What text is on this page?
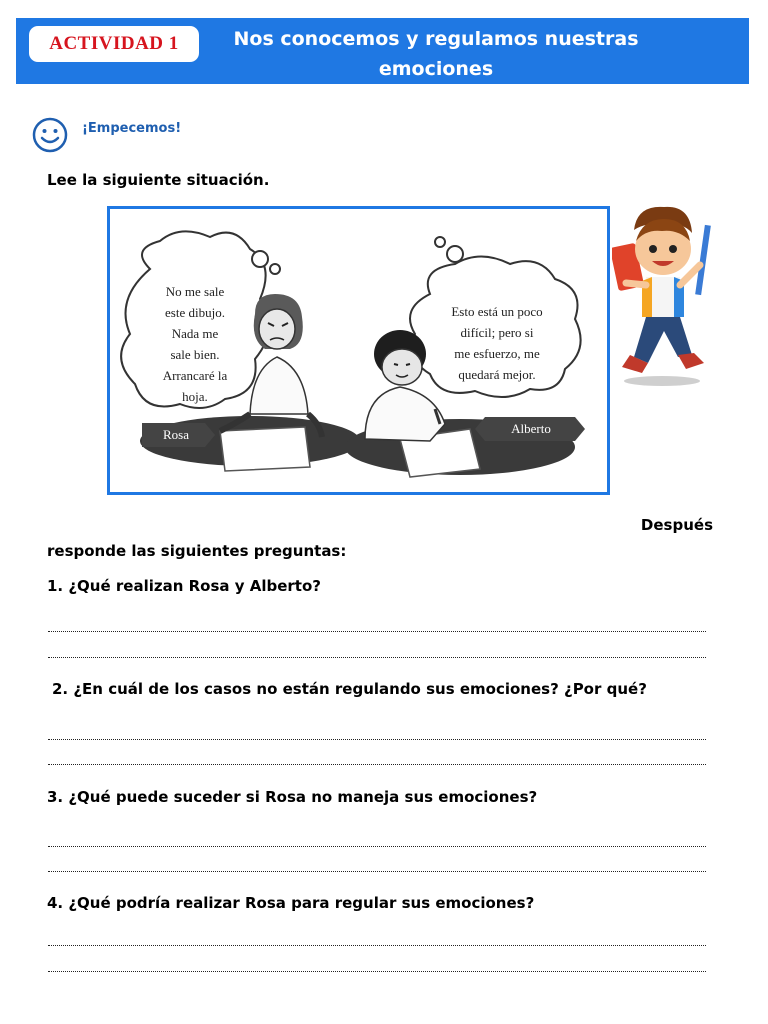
ACTIVIDAD 1	Nos conocemos y regulamos nuestras
emociones
¡Empecemos!
Lee la siguiente situación.
No me sale
este dibujo.
Nada me
sale bien.
Arrancaré la
hoja.
Esto está un poco
difícil; pero si
me esfuerzo, me
quedará mejor.
Rosa	Alberto
Después
responde las siguientes preguntas:
1. ¿Qué realizan Rosa y Alberto?
2. ¿En cuál de los casos no están regulando sus emociones? ¿Por qué?
3. ¿Qué puede suceder si Rosa no maneja sus emociones?
4. ¿Qué podría realizar Rosa para regular sus emociones?
